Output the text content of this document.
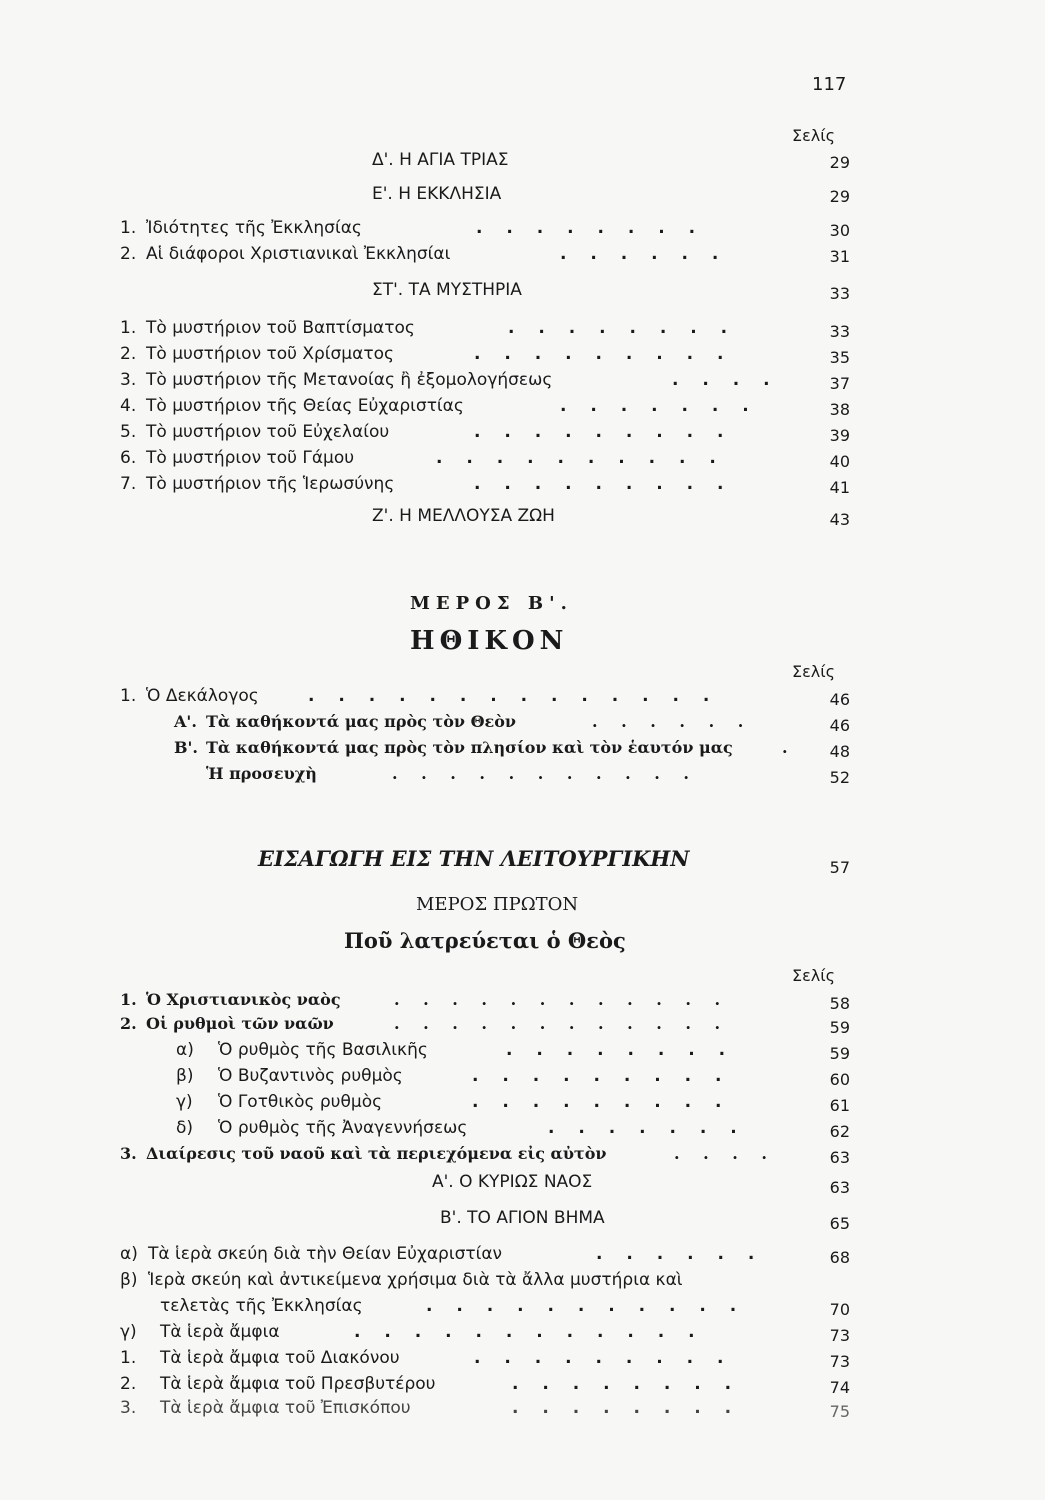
117
Σελίς
Δ'. Η ΑΓΙΑ ΤΡΙΑΣ	29
Ε'. Η ΕΚΚΛΗΣΙΑ	29
1. Ἰδιότητες τῆς Ἐκκλησίας	. . . . . . . .	30
2. Αἱ διάφοροι Χριστιανικαὶ Ἐκκλησίαι	. . . . . .	31
ΣΤ'. ΤΑ ΜΥΣΤΗΡΙΑ	33
1. Τὸ μυστήριον τοῦ Βαπτίσματος	. . . . . . . .	33
2. Τὸ μυστήριον τοῦ Χρίσματος	. . . . . . . . .	35
3. Τὸ μυστήριον τῆς Μετανοίας ἢ ἐξομολογήσεως	. . . .	37
4. Τὸ μυστήριον τῆς Θείας Εὐχαριστίας	. . . . . . .	38
5. Τὸ μυστήριον τοῦ Εὐχελαίου	. . . . . . . . .	39
6. Τὸ μυστήριον τοῦ Γάμου	. . . . . . . . . .	40
7. Τὸ μυστήριον τῆς Ἱερωσύνης	. . . . . . . . .	41
Ζ'. Η ΜΕΛΛΟΥΣΑ ΖΩΗ	43
ΜΕΡΟΣ Β'.
ΗΘΙΚΟΝ
Σελίς
1. Ὁ Δεκάλογος	. . . . . . . . . . . . . .	46
Α'. Τὰ καθήκοντά μας πρὸς τὸν Θεὸν	. . . . . .	46
Β'. Τὰ καθήκοντά μας πρὸς τὸν πλησίον καὶ τὸν ἑαυτόν μας	.	48
Ἡ προσευχὴ	. . . . . . . . . . .	52
ΕΙΣΑΓΩΓΗ ΕΙΣ ΤΗΝ ΛΕΙΤΟΥΡΓΙΚΗΝ	57
ΜΕΡΟΣ ΠΡΩΤΟΝ
Ποῦ λατρεύεται ὁ Θεὸς
Σελίς
1. Ὁ Χριστιανικὸς ναὸς	. . . . . . . . . . . .	58
2. Οἱ ρυθμοὶ τῶν ναῶν	. . . . . . . . . . . .	59
α) Ὁ ρυθμὸς τῆς Βασιλικῆς	. . . . . . . .	59
β) Ὁ Βυζαντινὸς ρυθμὸς	. . . . . . . . .	60
γ) Ὁ Γοτθικὸς ρυθμὸς	. . . . . . . . .	61
δ) Ὁ ρυθμὸς τῆς Ἀναγεννήσεως	. . . . . . .	62
3. Διαίρεσις τοῦ ναοῦ καὶ τὰ περιεχόμενα εἰς αὐτὸν	. . . .	63
Α'. Ο ΚΥΡΙΩΣ ΝΑΟΣ	63
Β'. ΤΟ ΑΓΙΟΝ ΒΗΜΑ	65
α) Τὰ ἱερὰ σκεύη διὰ τὴν Θείαν Εὐχαριστίαν	. . . . . .	68
β) Ἱερὰ σκεύη καὶ ἀντικείμενα χρήσιμα διὰ τὰ ἄλλα μυστήρια καὶ
τελετὰς τῆς Ἐκκλησίας	. . . . . . . . . . .	70
γ) Τὰ ἱερὰ ἄμφια	. . . . . . . . . . . .	73
1. Τὰ ἱερὰ ἄμφια τοῦ Διακόνου	. . . . . . . . .	73
2. Τὰ ἱερὰ ἄμφια τοῦ Πρεσβυτέρου	. . . . . . . .	74
3. Τὰ ἱερὰ ἄμφια τοῦ Ἐπισκόπου	. . . . . . . .	75
